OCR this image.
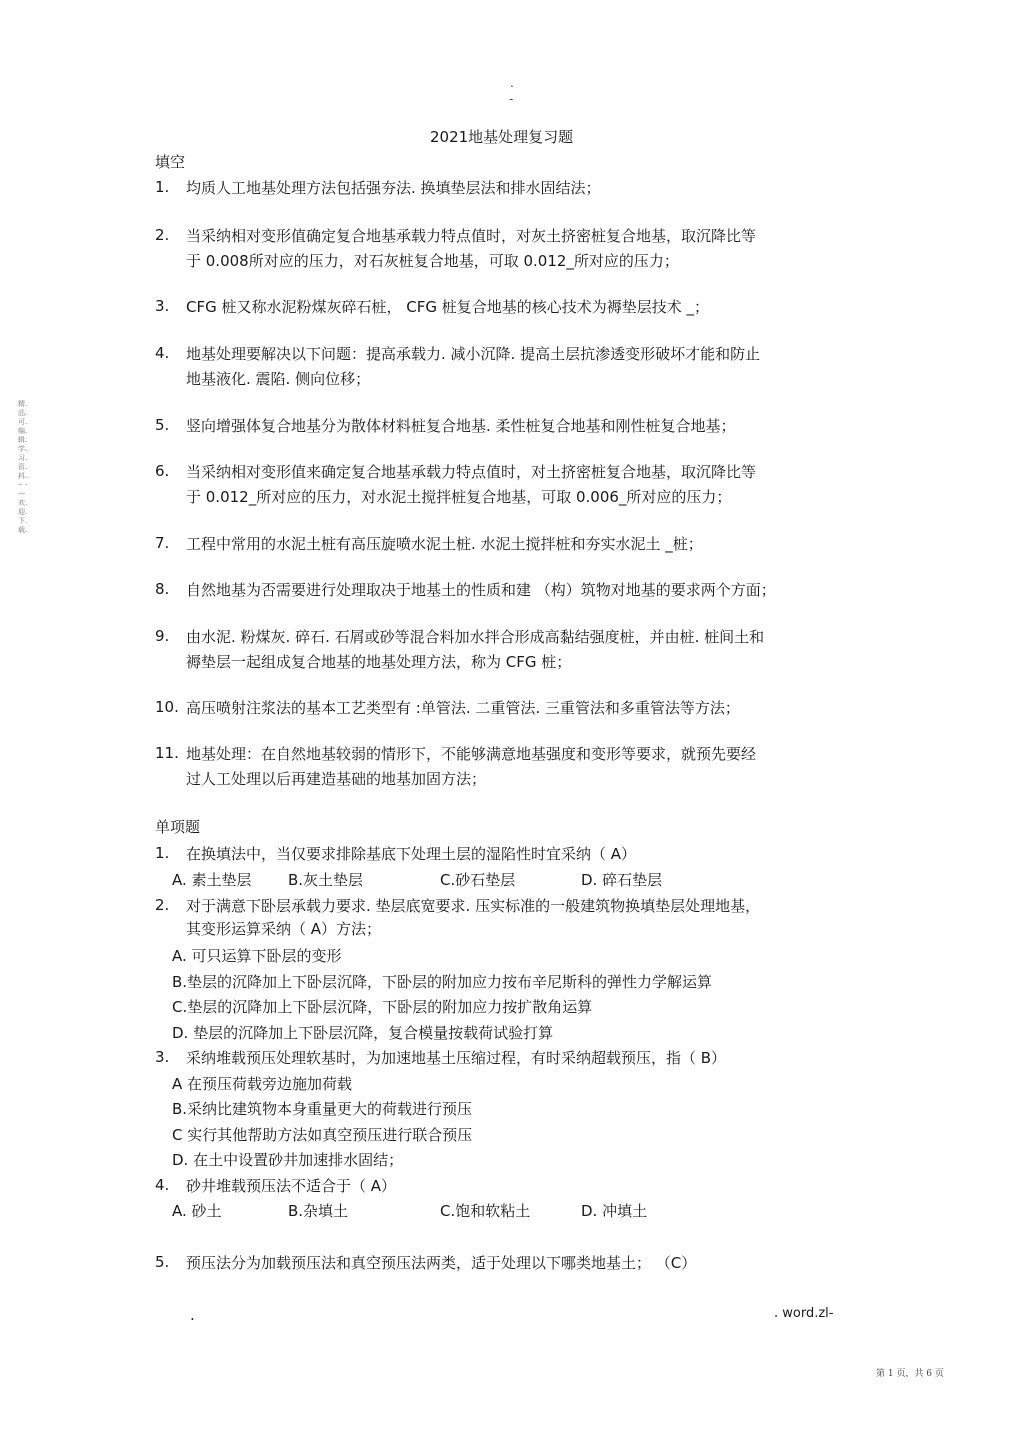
.
-
2021地基处理复习题
精.品.可.编.辑.学.习.资.料.-- ----欢.迎.下.载.
填空
1. 均质人工地基处理方法包括强夯法. 换填垫层法和排水固结法；
2. 当采纳相对变形值确定复合地基承载力特点值时，对灰土挤密桩复合地基，取沉降比等
于 0.008所对应的压力，对石灰桩复合地基，可取 0.012_所对应的压力；
3. CFG 桩又称水泥粉煤灰碎石桩， CFG 桩复合地基的核心技术为褥垫层技术 _；
4. 地基处理要解决以下问题：提高承载力. 减小沉降. 提高土层抗渗透变形破坏才能和防止
地基液化. 震陷. 侧向位移；
5. 竖向增强体复合地基分为散体材料桩复合地基. 柔性桩复合地基和刚性桩复合地基；
6. 当采纳相对变形值来确定复合地基承载力特点值时，对土挤密桩复合地基，取沉降比等
于 0.012_所对应的压力，对水泥土搅拌桩复合地基，可取 0.006_所对应的压力；
7. 工程中常用的水泥土桩有高压旋喷水泥土桩. 水泥土搅拌桩和夯实水泥土 _桩；
8. 自然地基为否需要进行处理取决于地基土的性质和建 （构）筑物对地基的要求两个方面；
9. 由水泥. 粉煤灰. 碎石. 石屑或砂等混合料加水拌合形成高黏结强度桩，并由桩. 桩间土和
褥垫层一起组成复合地基的地基处理方法，称为 CFG 桩；
10. 高压喷射注浆法的基本工艺类型有 :单管法. 二重管法. 三重管法和多重管法等方法；
11. 地基处理：在自然地基较弱的情形下，不能够满意地基强度和变形等要求，就预先要经
过人工处理以后再建造基础的地基加固方法；
单项题
1. 在换填法中，当仅要求排除基底下处理土层的湿陷性时宜采纳（ A）
A. 素土垫层 B.灰土垫层	C.砂石垫层	D. 碎石垫层
2. 对于满意下卧层承载力要求. 垫层底宽要求. 压实标准的一般建筑物换填垫层处理地基，
其变形运算采纳（ A）方法；
A. 可只运算下卧层的变形
B.垫层的沉降加上下卧层沉降，下卧层的附加应力按布辛尼斯科的弹性力学解运算
C.垫层的沉降加上下卧层沉降，下卧层的附加应力按扩散角运算
D. 垫层的沉降加上下卧层沉降，复合模量按载荷试验打算
3. 采纳堆载预压处理软基时，为加速地基土压缩过程，有时采纳超载预压，指（ B）
A 在预压荷载旁边施加荷载
B.采纳比建筑物本身重量更大的荷载进行预压
C 实行其他帮助方法如真空预压进行联合预压
D. 在土中设置砂井加速排水固结；
4. 砂井堆载预压法不适合于（ A）
A. 砂土	B.杂填土	C.饱和软粘土	D. 冲填土
5. 预压法分为加载预压法和真空预压法两类，适于处理以下哪类地基土； （C）
.	. word.zl-
第 1 页，共 6 页
